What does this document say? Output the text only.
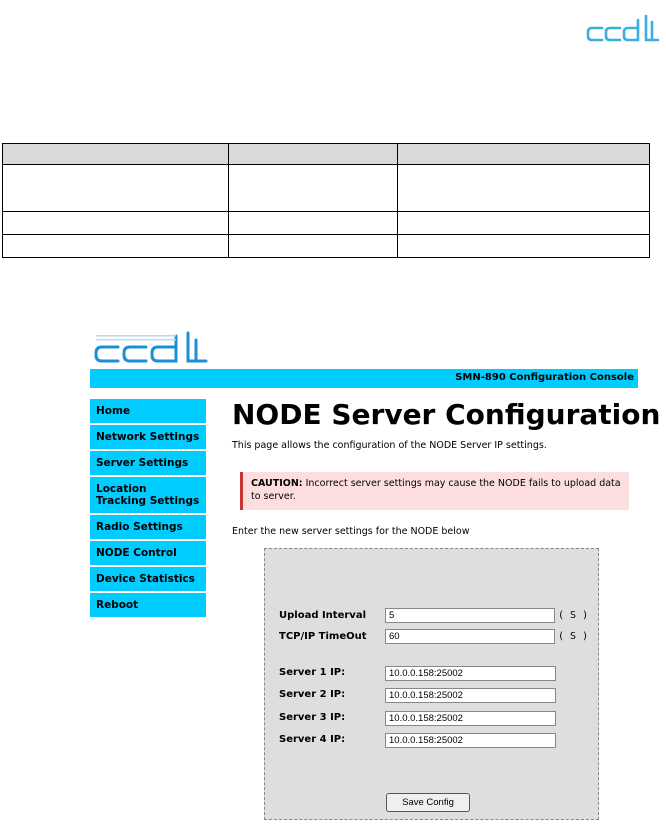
SMN-890 Configuration Console
Home
Network Settings
Server Settings
Location Tracking Settings
Radio Settings
NODE Control
Device Statistics
Reboot
NODE Server Configuration
This page allows the configuration of the NODE Server IP settings.
CAUTION: Incorrect server settings may cause the NODE fails to upload data to server.
Enter the new server settings for the NODE below
Upload Interval
5	( S )
TCP/IP TimeOut
60	( S )
Server 1 IP:
10.0.0.158:25002
Server 2 IP:
10.0.0.158:25002
Server 3 IP:
10.0.0.158:25002
Server 4 IP:
10.0.0.158:25002
Save Config
